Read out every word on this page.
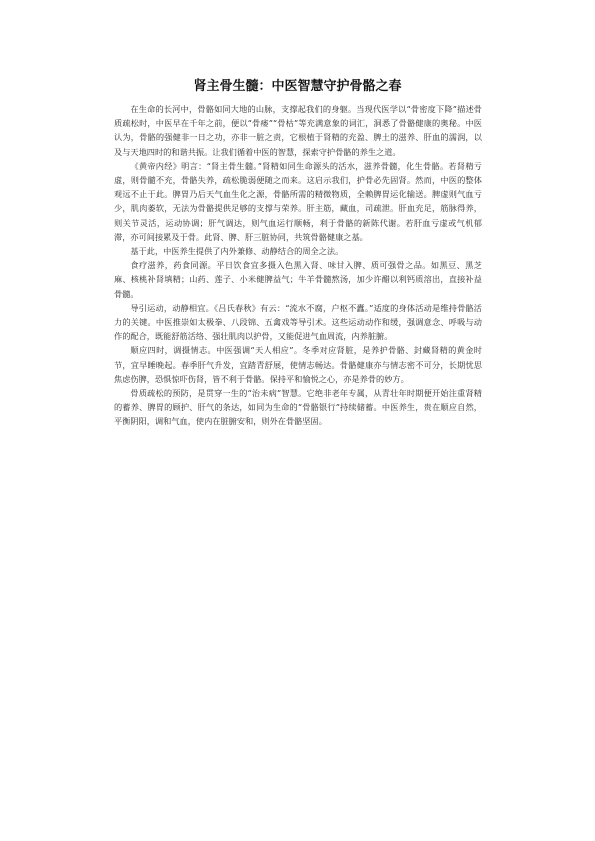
肾主骨生髓：中医智慧守护骨骼之春

在生命的长河中，骨骼如同大地的山脉，支撑起我们的身躯。当现代医学以“骨密度下降”描述骨质疏松时，中医早在千年之前，便以“骨痿”“骨枯”等充满意象的词汇，洞悉了骨骼健康的奥秘。中医认为，骨骼的强健非一日之功，亦非一脏之责，它根植于肾精的充盈、脾土的滋养、肝血的濡润，以及与天地四时的和谐共振。让我们循着中医的智慧，探索守护骨骼的养生之道。

《黄帝内经》明言：“肾主骨生髓。”肾精如同生命源头的活水，滋养骨髓，化生骨骼。若肾精亏虚，则骨髓不充，骨骼失养，疏松脆弱便随之而来。这启示我们，护骨必先固肾。然而，中医的整体观远不止于此。脾胃乃后天气血生化之源，骨骼所需的精微物质，全赖脾胃运化输送。脾虚则气血亏少，肌肉萎软，无法为骨骼提供足够的支撑与荣养。肝主筋，藏血，司疏泄。肝血充足，筋脉得养，则关节灵活，运动协调；肝气调达，则气血运行顺畅，利于骨骼的新陈代谢。若肝血亏虚或气机郁滞，亦可间接累及于骨。此肾、脾、肝三脏协同，共筑骨骼健康之基。

基于此，中医养生提供了内外兼修、动静结合的周全之法。

食疗滋养，药食同源。平日饮食宜多摄入色黑入肾、味甘入脾、质可强骨之品。如黑豆、黑芝麻、核桃补肾填精；山药、莲子、小米健脾益气；牛羊骨髓熬汤，加少许醋以利钙质溶出，直接补益骨髓。

导引运动，动静相宜。《吕氏春秋》有云：“流水不腐，户枢不蠹。”适度的身体活动是维持骨骼活力的关键。中医推崇如太极拳、八段锦、五禽戏等导引术。这些运动动作和缓，强调意念、呼吸与动作的配合，既能舒筋活络、强壮肌肉以护骨，又能促进气血周流，内养脏腑。

顺应四时，调摄情志。中医强调“天人相应”。冬季对应肾脏，是养护骨骼、封藏肾精的黄金时节，宜早睡晚起。春季肝气升发，宜踏青舒展，使情志畅达。骨骼健康亦与情志密不可分，长期忧思焦虑伤脾，恐惧惊吓伤肾，皆不利于骨骼。保持平和愉悦之心，亦是养骨的妙方。

骨质疏松的预防，是贯穿一生的“治未病”智慧。它绝非老年专属，从青壮年时期便开始注重肾精的蓄养、脾胃的顾护、肝气的条达，如同为生命的“骨骼银行”持续储蓄。中医养生，贵在顺应自然，平衡阴阳，调和气血，使内在脏腑安和，则外在骨骼坚固。
